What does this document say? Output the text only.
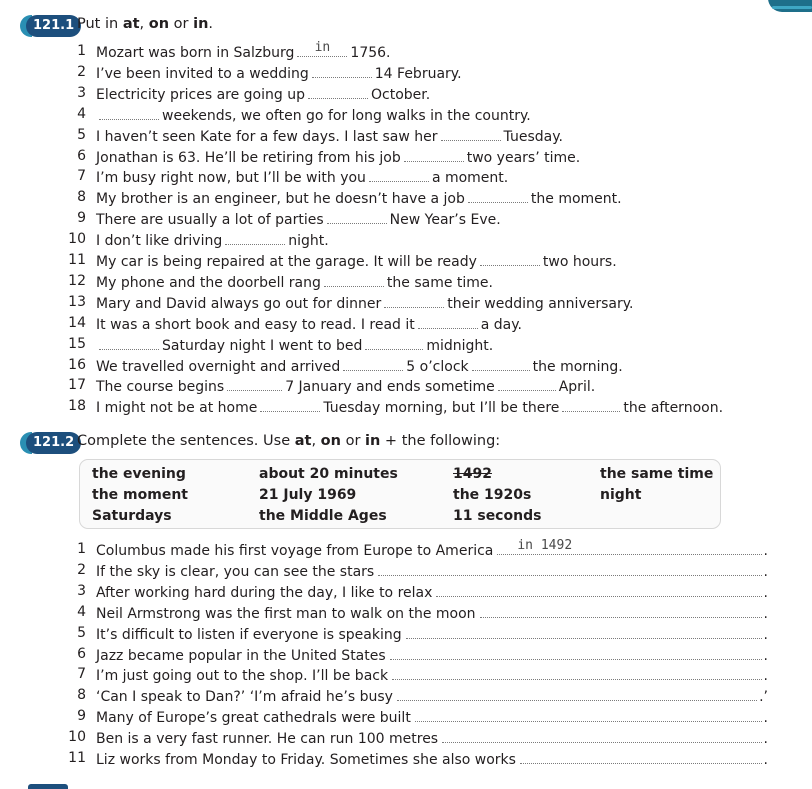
121.1 Put in at, on or in.
1 Mozart was born in Salzburg	in	1756.
2 I’ve been invited to a wedding	14 February.
3 Electricity prices are going up	October.
4	weekends, we often go for long walks in the country.
5 I haven’t seen Kate for a few days. I last saw her	Tuesday.
6 Jonathan is 63. He’ll be retiring from his job	two years’ time.
7 I’m busy right now, but I’ll be with you	a moment.
8 My brother is an engineer, but he doesn’t have a job	the moment.
9 There are usually a lot of parties	New Year’s Eve.
10 I don’t like driving	night.
11 My car is being repaired at the garage. It will be ready	two hours.
12 My phone and the doorbell rang	the same time.
13 Mary and David always go out for dinner	their wedding anniversary.
14 It was a short book and easy to read. I read it	a day.
15	Saturday night I went to bed	midnight.
16 We travelled overnight and arrived	5 o’clock	the morning.
17 The course begins	7 January and ends sometime	April.
18 I might not be at home	Tuesday morning, but I’ll be there	the afternoon.
121.2 Complete the sentences. Use at, on or in + the following:
the evening	about 20 minutes	1492	the same time
the moment	21 July 1969	the 1920s	night
Saturdays	the Middle Ages	11 seconds
1 Columbus made his first voyage from Europe to America in 1492	.
2 If the sky is clear, you can see the stars	.
3 After working hard during the day, I like to relax	.
4 Neil Armstrong was the first man to walk on the moon	.
5 It’s difficult to listen if everyone is speaking	.
6 Jazz became popular in the United States	.
7 I’m just going out to the shop. I’ll be back	.
8 ‘Can I speak to Dan?’ ‘I’m afraid he’s busy	.’
9 Many of Europe’s great cathedrals were built	.
10 Ben is a very fast runner. He can run 100 metres	.
11 Liz works from Monday to Friday. Sometimes she also works	.
